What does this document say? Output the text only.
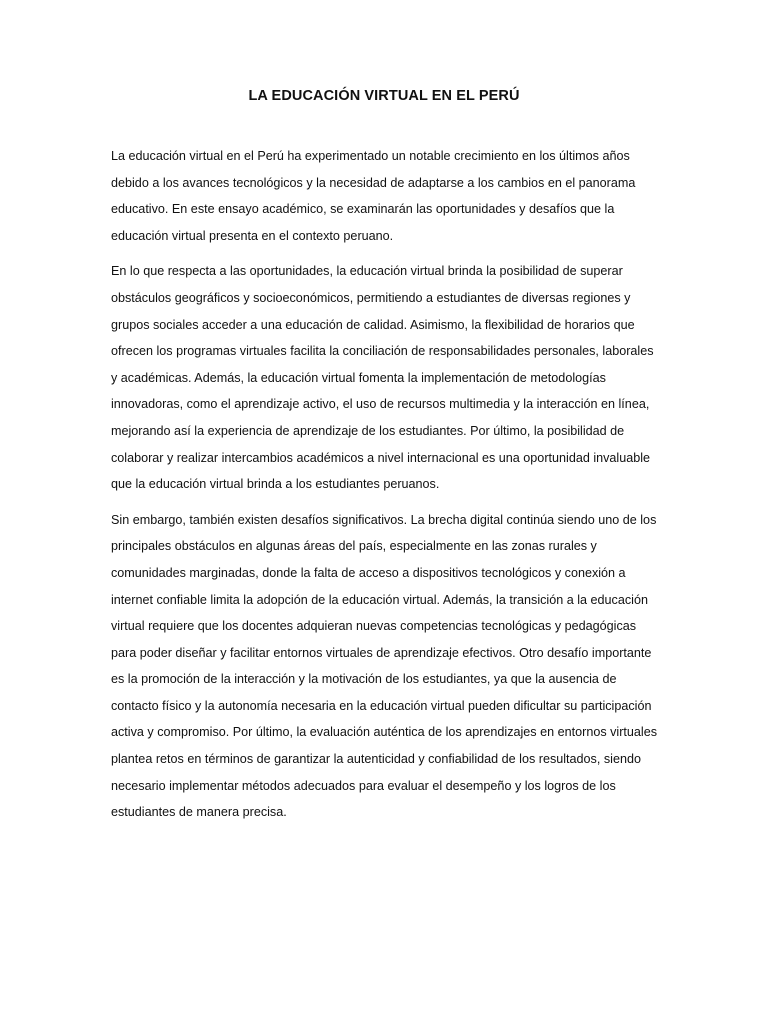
LA EDUCACIÓN VIRTUAL EN EL PERÚ

La educación virtual en el Perú ha experimentado un notable crecimiento en los últimos años debido a los avances tecnológicos y la necesidad de adaptarse a los cambios en el panorama educativo. En este ensayo académico, se examinarán las oportunidades y desafíos que la educación virtual presenta en el contexto peruano.

En lo que respecta a las oportunidades, la educación virtual brinda la posibilidad de superar obstáculos geográficos y socioeconómicos, permitiendo a estudiantes de diversas regiones y grupos sociales acceder a una educación de calidad. Asimismo, la flexibilidad de horarios que ofrecen los programas virtuales facilita la conciliación de responsabilidades personales, laborales y académicas. Además, la educación virtual fomenta la implementación de metodologías innovadoras, como el aprendizaje activo, el uso de recursos multimedia y la interacción en línea, mejorando así la experiencia de aprendizaje de los estudiantes. Por último, la posibilidad de colaborar y realizar intercambios académicos a nivel internacional es una oportunidad invaluable que la educación virtual brinda a los estudiantes peruanos.

Sin embargo, también existen desafíos significativos. La brecha digital continúa siendo uno de los principales obstáculos en algunas áreas del país, especialmente en las zonas rurales y comunidades marginadas, donde la falta de acceso a dispositivos tecnológicos y conexión a internet confiable limita la adopción de la educación virtual. Además, la transición a la educación virtual requiere que los docentes adquieran nuevas competencias tecnológicas y pedagógicas para poder diseñar y facilitar entornos virtuales de aprendizaje efectivos. Otro desafío importante es la promoción de la interacción y la motivación de los estudiantes, ya que la ausencia de contacto físico y la autonomía necesaria en la educación virtual pueden dificultar su participación activa y compromiso. Por último, la evaluación auténtica de los aprendizajes en entornos virtuales plantea retos en términos de garantizar la autenticidad y confiabilidad de los resultados, siendo necesario implementar métodos adecuados para evaluar el desempeño y los logros de los estudiantes de manera precisa.
